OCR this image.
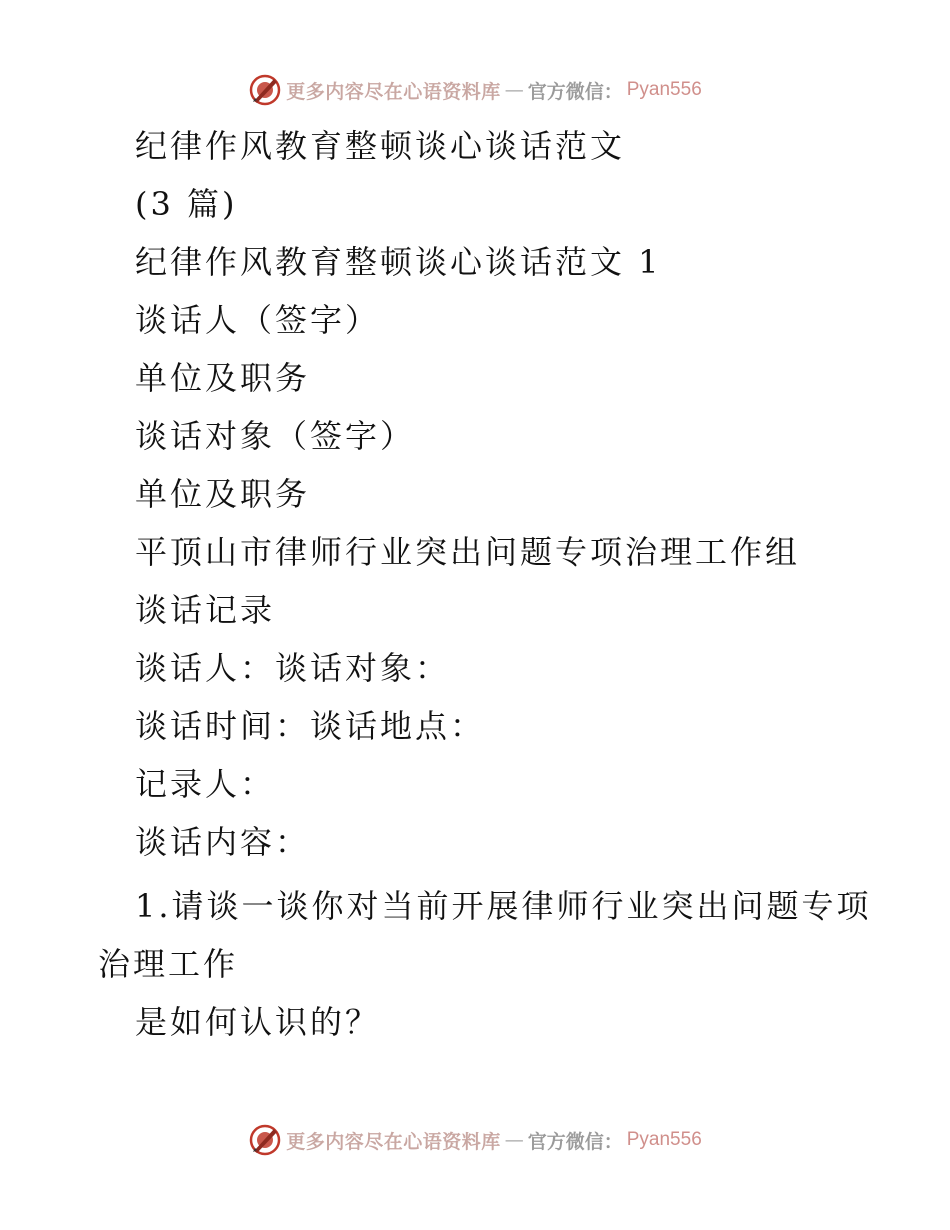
更多内容尽在心语资料库 — 官方微信： Pyan556
纪律作风教育整顿谈心谈话范文
(3 篇)
纪律作风教育整顿谈心谈话范文 1
谈话人（签字）
单位及职务
谈话对象（签字）
单位及职务
平顶山市律师行业突出问题专项治理工作组
谈话记录
谈话人：谈话对象：
谈话时间：谈话地点：
记录人：
谈话内容：
1.请谈一谈你对当前开展律师行业突出问题专项
治理工作
是如何认识的？
更多内容尽在心语资料库 — 官方微信： Pyan556
